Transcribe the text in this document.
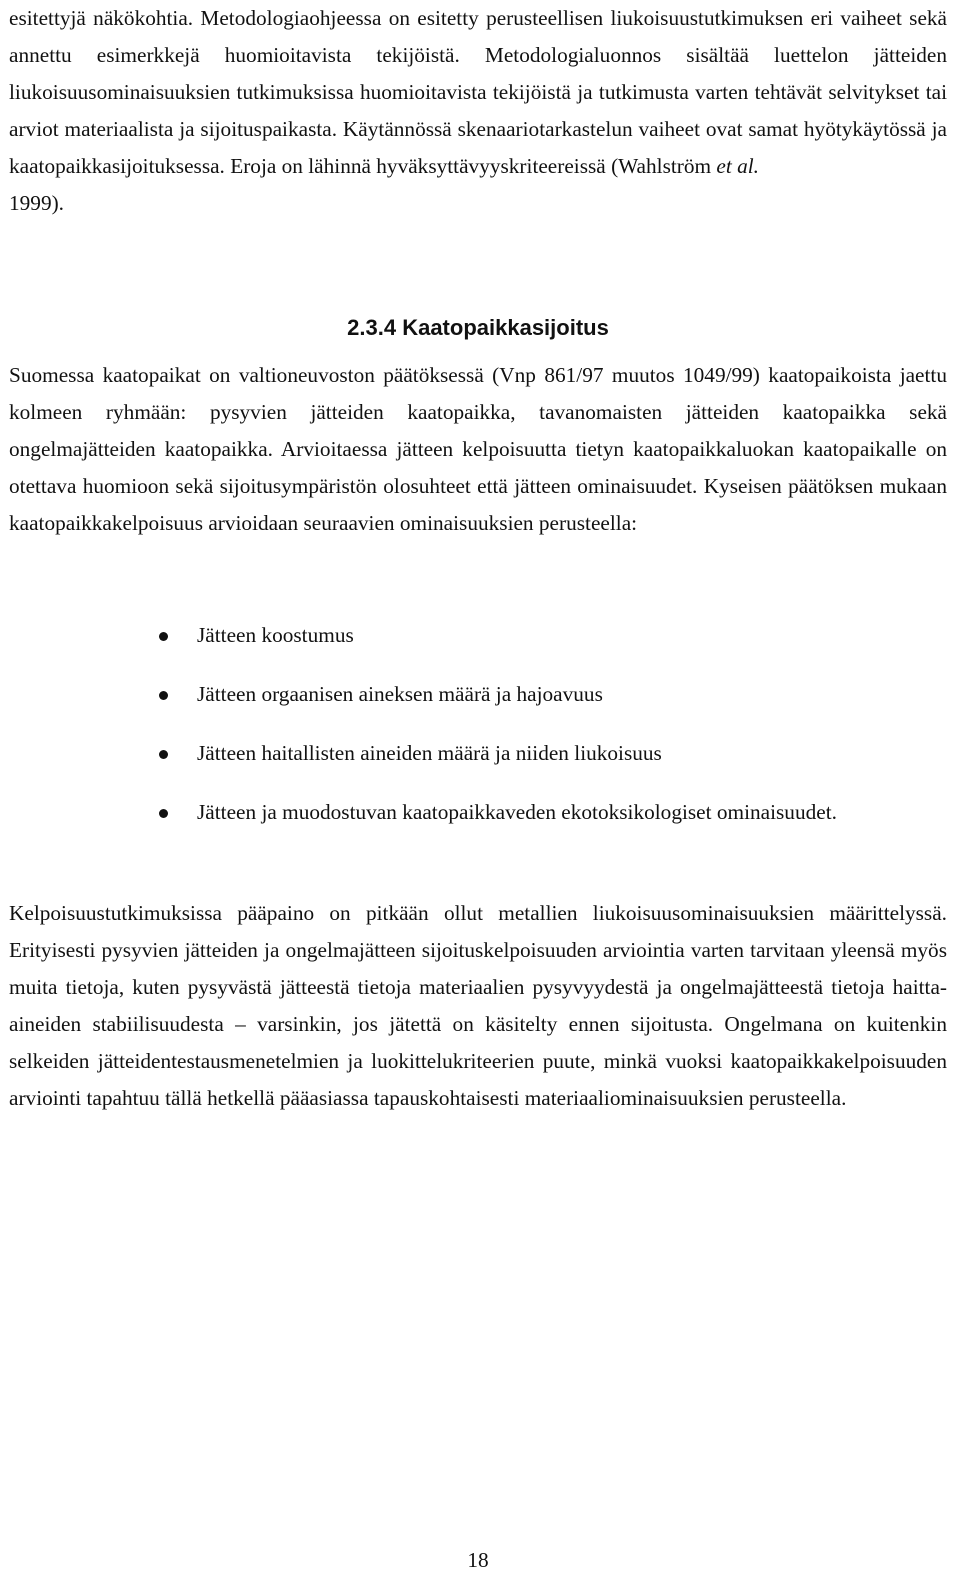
esitettyjä näkökohtia. Metodologiaohjeessa on esitetty perusteellisen liukoisuustutkimuksen eri vaiheet sekä annettu esimerkkejä huomioitavista tekijöistä. Metodologialuonnos sisältää luettelon jätteiden liukoisuusominaisuuksien tutkimuksissa huomioitavista tekijöistä ja tutkimusta varten tehtävät selvitykset tai arviot materiaalista ja sijoituspaikasta. Käytännössä skenaariotarkastelun vaiheet ovat samat hyötykäytössä ja kaatopaikkasijoituksessa. Eroja on lähinnä hyväksyttävyyskriteereissä (Wahlström et al.
1999).

2.3.4 Kaatopaikkasijoitus

Suomessa kaatopaikat on valtioneuvoston päätöksessä (Vnp 861/97 muutos 1049/99) kaatopaikoista jaettu kolmeen ryhmään: pysyvien jätteiden kaatopaikka, tavanomaisten jätteiden kaatopaikka sekä ongelmajätteiden kaatopaikka. Arvioitaessa jätteen kelpoisuutta tietyn kaatopaikkaluokan kaatopaikalle on otettava huomioon sekä sijoitusympäristön olosuhteet että jätteen ominaisuudet. Kyseisen päätöksen mukaan kaatopaikkakelpoisuus arvioidaan seuraavien ominaisuuksien perusteella:

Jätteen koostumus
Jätteen orgaanisen aineksen määrä ja hajoavuus
Jätteen haitallisten aineiden määrä ja niiden liukoisuus
Jätteen ja muodostuvan kaatopaikkaveden ekotoksikologiset ominaisuudet.

Kelpoisuustutkimuksissa pääpaino on pitkään ollut metallien liukoisuusominaisuuksien määrittelyssä. Erityisesti pysyvien jätteiden ja ongelmajätteen sijoituskelpoisuuden arviointia varten tarvitaan yleensä myös muita tietoja, kuten pysyvästä jätteestä tietoja materiaalien pysyvyydestä ja ongelmajätteestä tietoja haitta-aineiden stabiilisuudesta – varsinkin, jos jätettä on käsitelty ennen sijoitusta. Ongelmana on kuitenkin selkeiden jätteidentestausmenetelmien ja luokittelukriteerien puute, minkä vuoksi kaatopaikkakelpoisuuden arviointi tapahtuu tällä hetkellä pääasiassa tapauskohtaisesti materiaaliominaisuuksien perusteella.

18
